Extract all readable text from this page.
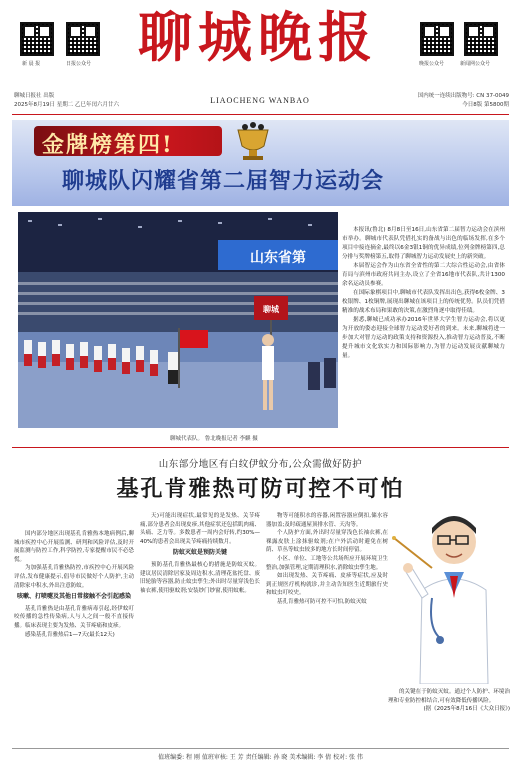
新 晨 报	日报公众号 聊城晚报	晚报公众号	新闻网公众号
聊城日报社 出版
2025年8月19日 星期二 乙巳年闰六月廿六	LIAOCHENG WANBAO	国内统一连续出版物号: CN 37-0049
今日8版 第5800期
金牌榜第四!
聊城队闪耀省第二届智力运动会
山东省第
聊城
聊城代表队。 鲁北晚报记者 李麒 摄

本报讯(鲁北) 8月8日至16日,山东省第二届智力运动会在滨州市举办。聊城市代表队凭借扎实的备战与出色的临场发挥,在多个项目中接连摘金,最终以6金3银1铜的优异成绩,位列金牌榜第四,总分排与奖牌榜第五,取得了聊城智力运动发展史上的新突破。

本届智运会作为山东省全省性的第二大综合性运动会,由省体育局与滨州市政府共同主办,设立了全省16地市代表队,共计1300余名运动员参赛。

在国际象棋项目中,聊城市代表队发挥出出色,获得6枚金牌、3枚银牌、1枚铜牌,展现出聊城在该项目上的传统优势。队员们凭借精准的战术布局和果敢的决策,在激烈角逐中取得佳绩。

据悉,聊城已成功承办2016年世界大学生智力运动会,将以更为开放的姿态迎接全球智力运动爱好者的到来。未来,聊城将进一步加大对智力运动的政策支持和资源投入,推动智力运动普及,不断提升城市文化软实力和国际影响力,为智力运动发展贡献聊城力量。

山东部分地区有白纹伊蚊分布,公众需做好防护
基孔肯雅热可防可控不可怕

国内部分地区出现基孔肯雅热本地病例后,聊城市疾控中心开展监测、研判和风险评估,及时开展监测与防控工作,科学防控,专家提醒市民不必恐慌。

为加强基孔肯雅热防控,市疾控中心开展风险评估,发布健康提示,倡导市民做好个人防护,主动清除家中积水,外出注意防蚊。

咳嗽、打喷嚏及其他日常接触不会引起感染

基孔肯雅热是由基孔肯雅病毒引起,经伊蚊叮咬传播的急性传染病,人与人之间一般不直接传播。临床表现主要为发热、关节疼痛和皮疹。

感染基孔肯雅热后1—7天(最长12天)

天)可能出现症状,最常见的是发热、关节疼痛,部分患者会出现皮疹,其他症状还包括肌肉痛、头痛、乏力等。多数患者一周内会好转,约30%—40%的患者会出现关节疼痛持续数月。

防蚊灭蚊是预防关键

预防基孔肯雅热最核心的措施是防蚊灭蚊。建议居民清除居家及周边积水,清理花盆托盘、废旧轮胎等容器,防止蚊虫孳生;外出时尽量穿浅色长袖衣裤,使用驱蚊剂;安装纱门纱窗,使用蚊帐。

物等可能积水的容器,闲置容器应倒扣,储水容器加盖;及时疏通屋顶排水管、天沟等。

个人防护方面,外出时尽量穿浅色长袖衣裤,在裸露皮肤上涂抹驱蚊剂;在户外活动时避免在树荫、草丛等蚊虫较多的地方长时间停留。

小区、单位、工地等公共场所应开展环境卫生整治,加强管理,定期清理积水,消除蚊虫孳生地。

如出现发热、关节疼痛、皮疹等症状,应及时到正规医疗机构就诊,并主动告知医生近期旅行史和蚊虫叮咬史。

基孔肯雅热可防可控不可怕,防蚊灭蚊

的关键在于防蚊灭蚊。通过个人防护、环境治理和专业防控相结合,可有效降低传播风险。

(据《2025年8月16日《大众日报》)

值班编委: 程 刚 值班审核: 王 芳 责任编辑: 孙 晓 美术编辑: 李 倩 校对: 张 伟
